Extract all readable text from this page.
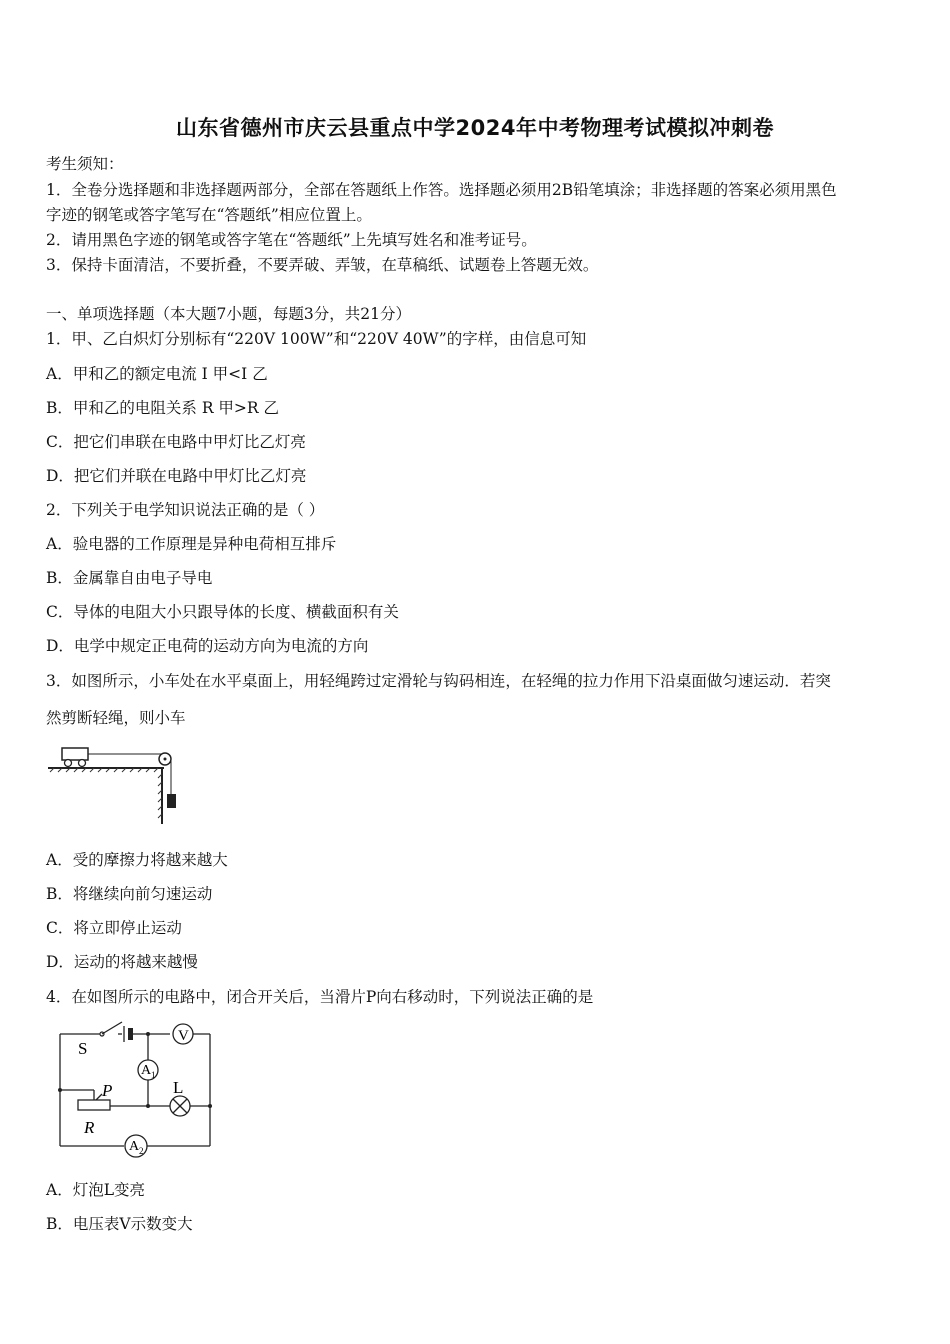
山东省德州市庆云县重点中学2024年中考物理考试模拟冲刺卷
考生须知：
1．全卷分选择题和非选择题两部分，全部在答题纸上作答。选择题必须用2B铅笔填涂；非选择题的答案必须用黑色
字迹的钢笔或答字笔写在“答题纸”相应位置上。
2．请用黑色字迹的钢笔或答字笔在“答题纸”上先填写姓名和准考证号。
3．保持卡面清洁，不要折叠，不要弄破、弄皱，在草稿纸、试题卷上答题无效。
一、单项选择题（本大题7小题，每题3分，共21分）
1．甲、乙白炽灯分别标有“220V 100W”和“220V 40W”的字样，由信息可知
A．甲和乙的额定电流 I 甲<I 乙
B．甲和乙的电阻关系 R 甲>R 乙
C．把它们串联在电路中甲灯比乙灯亮
D．把它们并联在电路中甲灯比乙灯亮
2．下列关于电学知识说法正确的是（ ）
A．验电器的工作原理是异种电荷相互排斥
B．金属靠自由电子导电
C．导体的电阻大小只跟导体的长度、横截面积有关
D．电学中规定正电荷的运动方向为电流的方向
3．如图所示，小车处在水平桌面上，用轻绳跨过定滑轮与钩码相连，在轻绳的拉力作用下沿桌面做匀速运动．若突
然剪断轻绳，则小车
A．受的摩擦力将越来越大
B．将继续向前匀速运动
C．将立即停止运动
D．运动的将越来越慢
4．在如图所示的电路中，闭合开关后，当滑片P向右移动时，下列说法正确的是
S
V
A 1
L
P
R
A 2
A．灯泡L变亮
B．电压表V示数变大
